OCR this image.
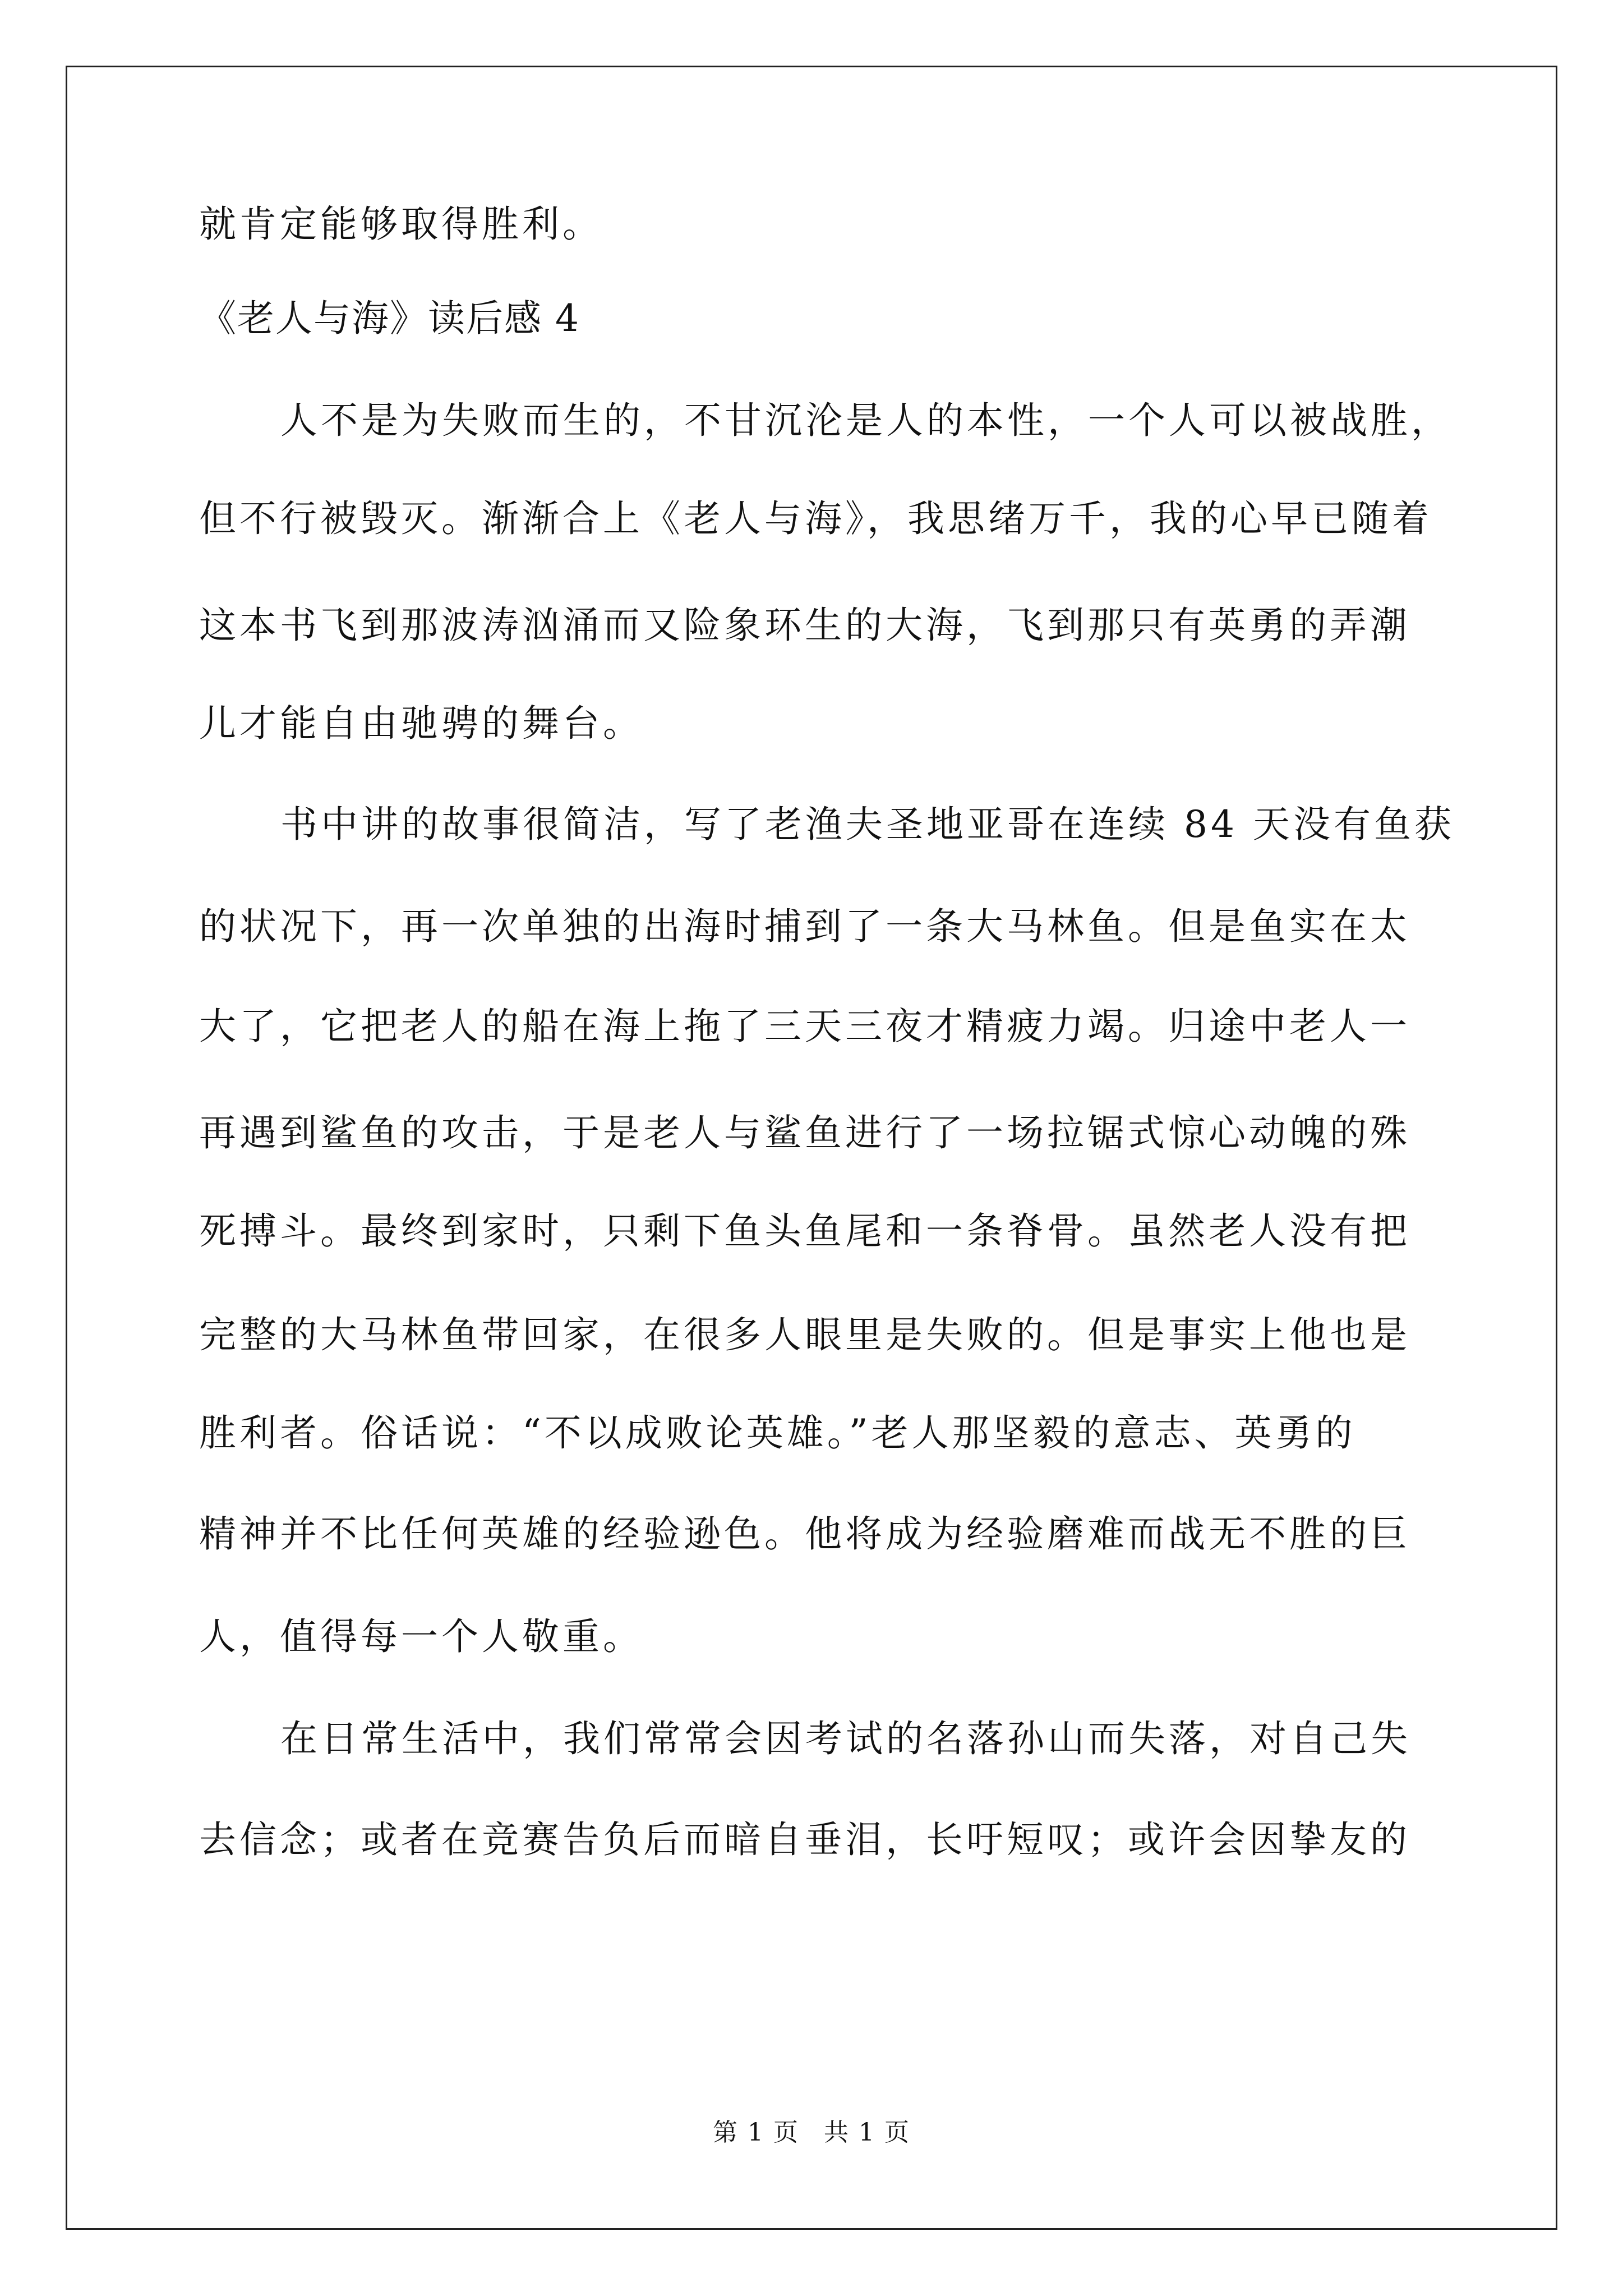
就肯定能够取得胜利。

《老人与海》读后感 4

人不是为失败而生的，不甘沉沦是人的本性，一个人可以被战胜，

但不行被毁灭。渐渐合上《老人与海》，我思绪万千，我的心早已随着

这本书飞到那波涛汹涌而又险象环生的大海，飞到那只有英勇的弄潮

儿才能自由驰骋的舞台。

书中讲的故事很简洁，写了老渔夫圣地亚哥在连续 84 天没有鱼获

的状况下，再一次单独的出海时捕到了一条大马林鱼。但是鱼实在太

大了，它把老人的船在海上拖了三天三夜才精疲力竭。归途中老人一

再遇到鲨鱼的攻击，于是老人与鲨鱼进行了一场拉锯式惊心动魄的殊

死搏斗。最终到家时，只剩下鱼头鱼尾和一条脊骨。虽然老人没有把

完整的大马林鱼带回家，在很多人眼里是失败的。但是事实上他也是

胜利者。俗话说：“不以成败论英雄。”老人那坚毅的意志、英勇的

精神并不比任何英雄的经验逊色。他将成为经验磨难而战无不胜的巨

人，值得每一个人敬重。

在日常生活中，我们常常会因考试的名落孙山而失落，对自己失

去信念；或者在竞赛告负后而暗自垂泪，长吁短叹；或许会因挚友的

第 1 页 共 1 页
